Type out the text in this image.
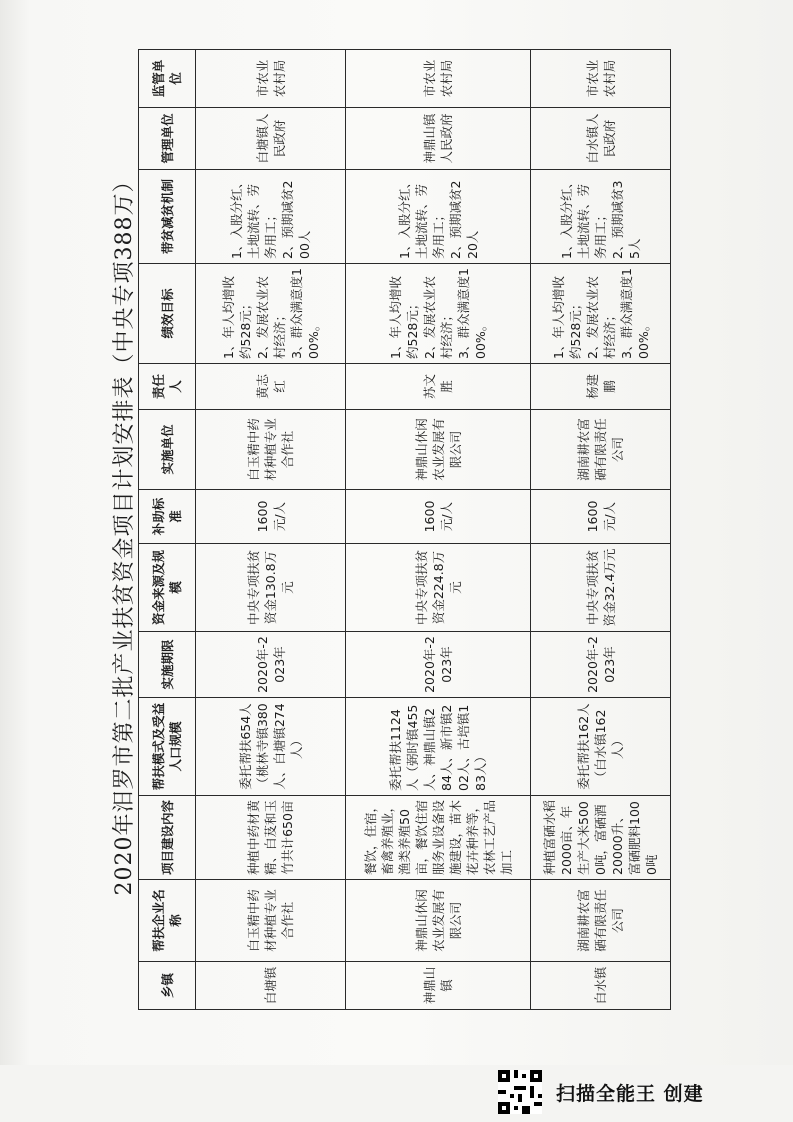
2020年汨罗市第二批产业扶贫资金项目计划安排表（中央专项388万）
乡镇	帮扶企业名称	项目建设内容	帮扶模式及受益人口规模	实施期限	资金来源及规模	补助标准	实施单位	责任人	绩效目标	带贫减贫机制	管理单位	监管单位
白塘镇	白玉精中药材种植专业合作社	种植中药材黄精、白芨和玉竹共计650亩	委托帮扶654人（桃林寺镇380人、白塘镇274人）	2020年-2023年	中央专项扶贫资金130.8万元	1600元/人	白玉精中药材种植专业合作社	黄志红	1、年人均增收约528元；
2、发展农业农村经济；
3、群众满意度100%。	1、入股分红、土地流转、劳务用工；
2、预期减贫200人	白塘镇人民政府	市农业农村局
神鼎山镇	神鼎山休闲农业发展有限公司	餐饮，住宿，畜禽养殖业，渔类养殖50亩，餐饮住宿服务业设备设施建设，苗木花卉种养等，农林工艺产品加工	委托帮扶1124人（弼时镇455人、神鼎山镇284人、新市镇202人、古培镇183人）	2020年-2023年	中央专项扶贫资金224.8万元	1600元/人	神鼎山休闲农业发展有限公司	苏文胜	1、年人均增收约528元；
2、发展农业农村经济；
3、群众满意度100%。	1、入股分红、土地流转、劳务用工；
2、预期减贫220人	神鼎山镇人民政府	市农业农村局
白水镇	湖南耕农富硒有限责任公司	种植富硒水稻2000亩、年生产大米5000吨，富硒酒20000升、富硒肥料1000吨	委托帮扶162人（白水镇162人）	2020年-2023年	中央专项扶贫资金32.4万元	1600元/人	湖南耕农富硒有限责任公司	杨建鹏	1、年人均增收约528元；
2、发展农业农村经济；
3、群众满意度100%。	1、入股分红、土地流转、劳务用工；
2、预期减贫35人	白水镇人民政府	市农业农村局
扫描全能王 创建
